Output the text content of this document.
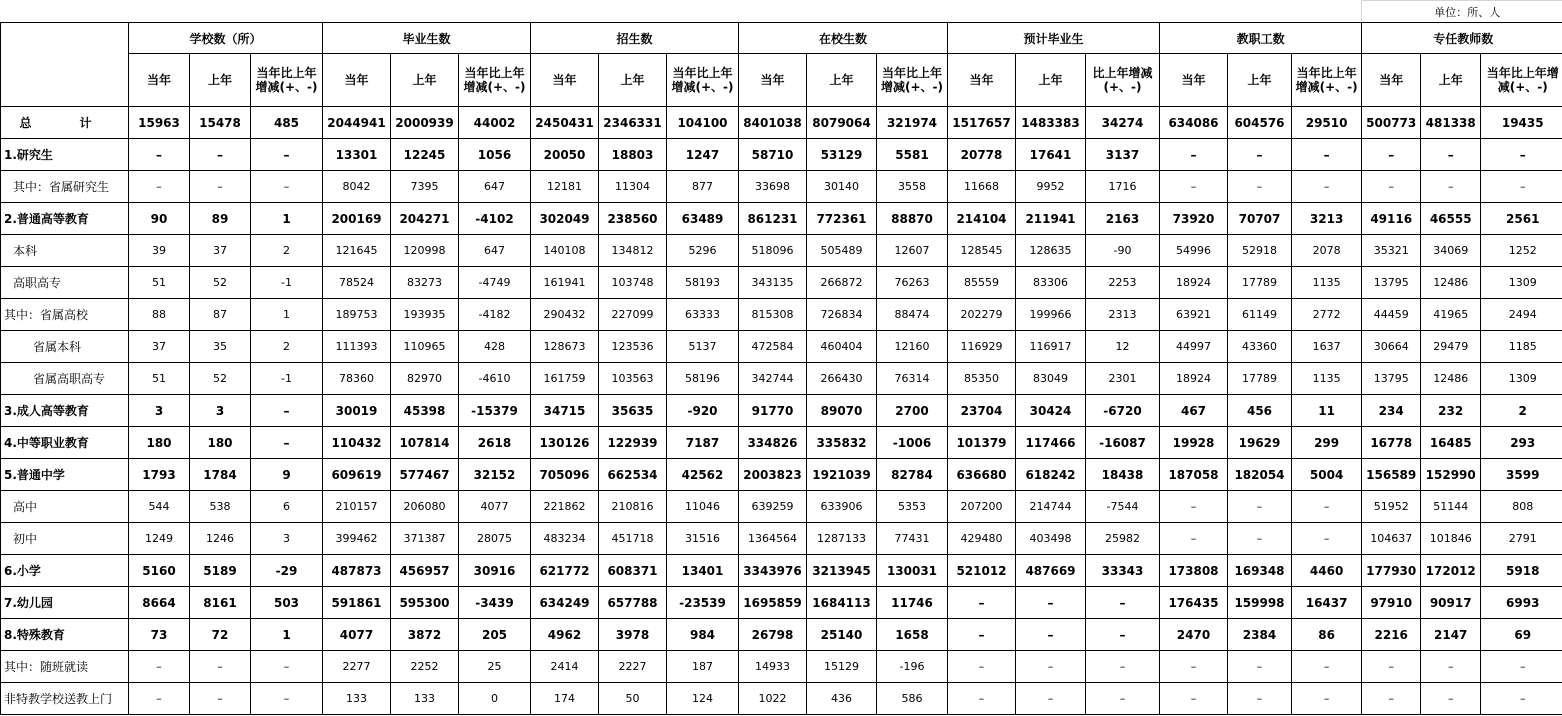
																			单位：所、人		
	学校数（所）			毕业生数			招生数			在校生数			预计毕业生			教职工数			专任教师数		
	当年	上年	当年比上年增减(+、-)	当年	上年	当年比上年增减(+、-)	当年	上年	当年比上年增减(+、-)	当年	上年	当年比上年增减(+、-)	当年	上年	比上年增减(+、-)	当年	上年	当年比上年增减(+、-)	当年	上年	当年比上年增减(+、-)
总　计	15963	15478	485	2044941	2000939	44002	2450431	2346331	104100	8401038	8079064	321974	1517657	1483383	34274	634086	604576	29510	500773	481338	19435
1.研究生	–	–	–	13301	12245	1056	20050	18803	1247	58710	53129	5581	20778	17641	3137	–	–	–	–	–	–
其中：省属研究生	–	–	–	8042	7395	647	12181	11304	877	33698	30140	3558	11668	9952	1716	–	–	–	–	–	–
2.普通高等教育	90	89	1	200169	204271	-4102	302049	238560	63489	861231	772361	88870	214104	211941	2163	73920	70707	3213	49116	46555	2561
本科	39	37	2	121645	120998	647	140108	134812	5296	518096	505489	12607	128545	128635	-90	54996	52918	2078	35321	34069	1252
高职高专	51	52	-1	78524	83273	-4749	161941	103748	58193	343135	266872	76263	85559	83306	2253	18924	17789	1135	13795	12486	1309
其中：省属高校	88	87	1	189753	193935	-4182	290432	227099	63333	815308	726834	88474	202279	199966	2313	63921	61149	2772	44459	41965	2494
省属本科	37	35	2	111393	110965	428	128673	123536	5137	472584	460404	12160	116929	116917	12	44997	43360	1637	30664	29479	1185
省属高职高专	51	52	-1	78360	82970	-4610	161759	103563	58196	342744	266430	76314	85350	83049	2301	18924	17789	1135	13795	12486	1309
3.成人高等教育	3	3	–	30019	45398	-15379	34715	35635	-920	91770	89070	2700	23704	30424	-6720	467	456	11	234	232	2
4.中等职业教育	180	180	–	110432	107814	2618	130126	122939	7187	334826	335832	-1006	101379	117466	-16087	19928	19629	299	16778	16485	293
5.普通中学	1793	1784	9	609619	577467	32152	705096	662534	42562	2003823	1921039	82784	636680	618242	18438	187058	182054	5004	156589	152990	3599
高中	544	538	6	210157	206080	4077	221862	210816	11046	639259	633906	5353	207200	214744	-7544	–	–	–	51952	51144	808
初中	1249	1246	3	399462	371387	28075	483234	451718	31516	1364564	1287133	77431	429480	403498	25982	–	–	–	104637	101846	2791
6.小学	5160	5189	-29	487873	456957	30916	621772	608371	13401	3343976	3213945	130031	521012	487669	33343	173808	169348	4460	177930	172012	5918
7.幼儿园	8664	8161	503	591861	595300	-3439	634249	657788	-23539	1695859	1684113	11746	–	–	–	176435	159998	16437	97910	90917	6993
8.特殊教育	73	72	1	4077	3872	205	4962	3978	984	26798	25140	1658	–	–	–	2470	2384	86	2216	2147	69
其中：随班就读	–	–	–	2277	2252	25	2414	2227	187	14933	15129	-196	–	–	–	–	–	–	–	–	–
非特教学校送教上门	–	–	–	133	133	0	174	50	124	1022	436	586	–	–	–	–	–	–	–	–	–
